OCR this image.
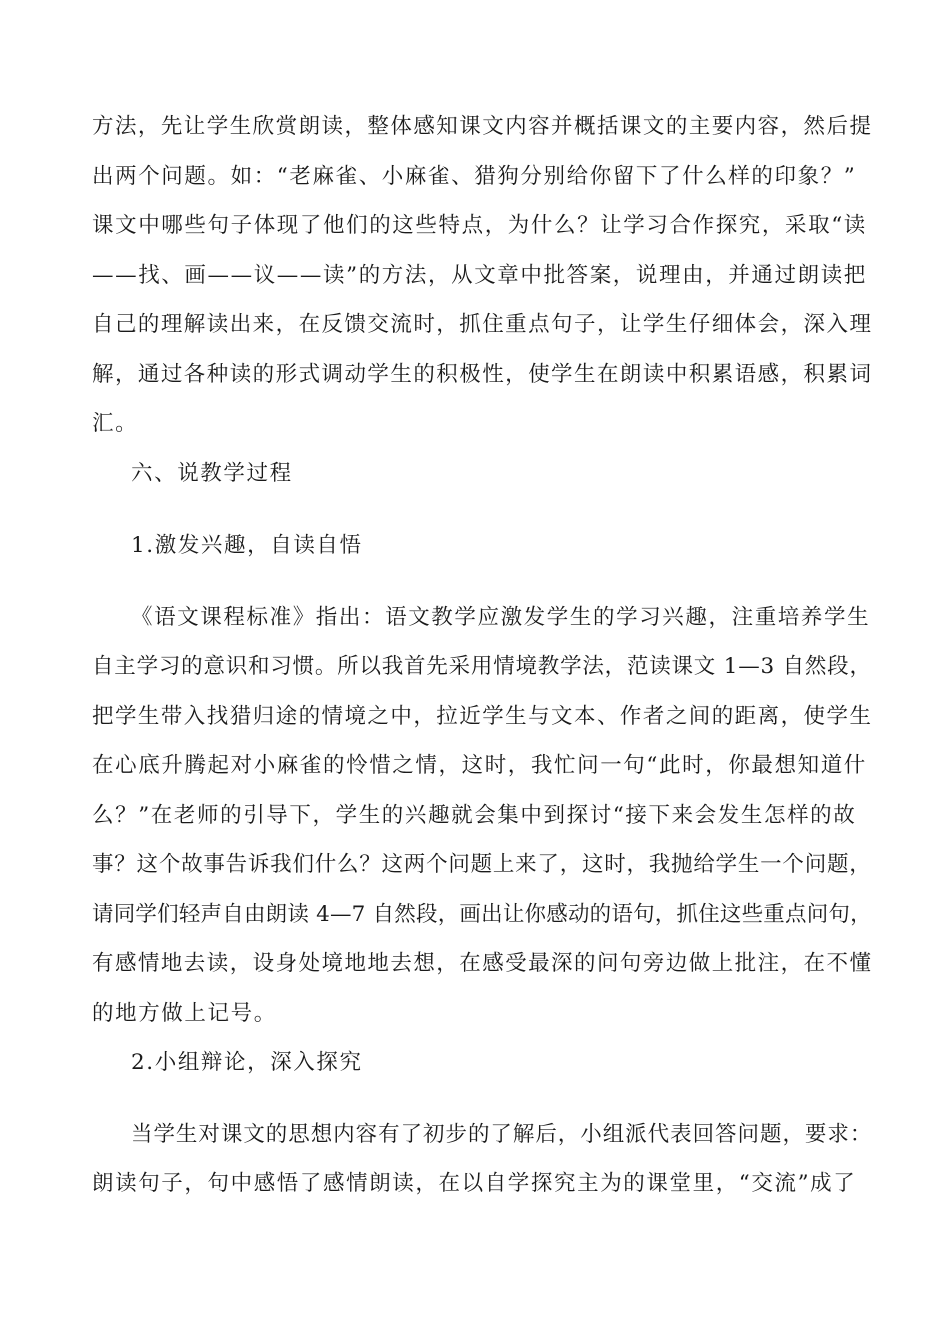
方法，先让学生欣赏朗读，整体感知课文内容并概括课文的主要内容，然后提
出两个问题。如：“老麻雀、小麻雀、猎狗分别给你留下了什么样的印象？”
课文中哪些句子体现了他们的这些特点，为什么？让学习合作探究，采取“读
——找、画——议——读”的方法，从文章中批答案，说理由，并通过朗读把
自己的理解读出来，在反馈交流时，抓住重点句子，让学生仔细体会，深入理
解，通过各种读的形式调动学生的积极性，使学生在朗读中积累语感，积累词
汇。
六、说教学过程
1.激发兴趣，自读自悟
《语文课程标准》指出：语文教学应激发学生的学习兴趣，注重培养学生
自主学习的意识和习惯。所以我首先采用情境教学法，范读课文 1—3 自然段，
把学生带入找猎归途的情境之中，拉近学生与文本、作者之间的距离，使学生
在心底升腾起对小麻雀的怜惜之情，这时，我忙问一句“此时，你最想知道什
么？”在老师的引导下，学生的兴趣就会集中到探讨“接下来会发生怎样的故
事？这个故事告诉我们什么？这两个问题上来了，这时，我抛给学生一个问题，
请同学们轻声自由朗读 4—7 自然段，画出让你感动的语句，抓住这些重点问句，
有感情地去读，设身处境地地去想，在感受最深的问句旁边做上批注，在不懂
的地方做上记号。
2.小组辩论，深入探究
当学生对课文的思想内容有了初步的了解后，小组派代表回答问题，要求：
朗读句子，句中感悟了感情朗读，在以自学探究主为的课堂里，“交流”成了
